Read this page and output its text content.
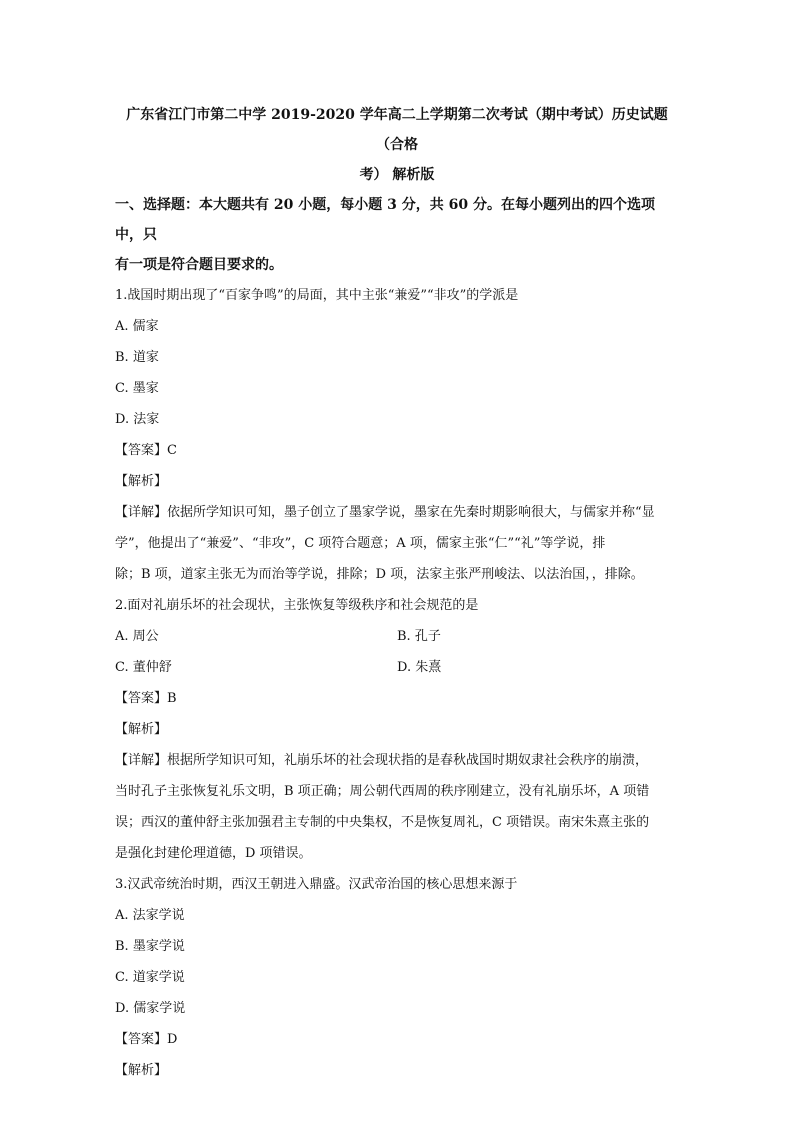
广东省江门市第二中学 2019-2020 学年高二上学期第二次考试（期中考试）历史试题（合格

考） 解析版

一、选择题：本大题共有 20 小题，每小题 3 分，共 60 分。在每小题列出的四个选项中，只

有一项是符合题目要求的。

1.战国时期出现了“百家争鸣”的局面，其中主张“兼爱”“非攻”的学派是

A. 儒家

B. 道家

C. 墨家

D. 法家

【答案】C

【解析】

【详解】依据所学知识可知，墨子创立了墨家学说，墨家在先秦时期影响很大，与儒家并称“显

学”，他提出了“兼爱”、“非攻”，C 项符合题意；A 项，儒家主张“仁”“礼”等学说，排

除；B 项，道家主张无为而治等学说，排除；D 项，法家主张严刑峻法、以法治国，，排除。

2.面对礼崩乐坏的社会现状，主张恢复等级秩序和社会规范的是

A. 周公	B. 孔子
C. 董仲舒	D. 朱熹

【答案】B

【解析】

【详解】根据所学知识可知，礼崩乐坏的社会现状指的是春秋战国时期奴隶社会秩序的崩溃，

当时孔子主张恢复礼乐文明，B 项正确；周公朝代西周的秩序刚建立，没有礼崩乐坏，A 项错

误；西汉的董仲舒主张加强君主专制的中央集权，不是恢复周礼，C 项错误。南宋朱熹主张的

是强化封建伦理道德，D 项错误。

3.汉武帝统治时期，西汉王朝进入鼎盛。汉武帝治国的核心思想来源于

A. 法家学说

B. 墨家学说

C. 道家学说

D. 儒家学说

【答案】D

【解析】
